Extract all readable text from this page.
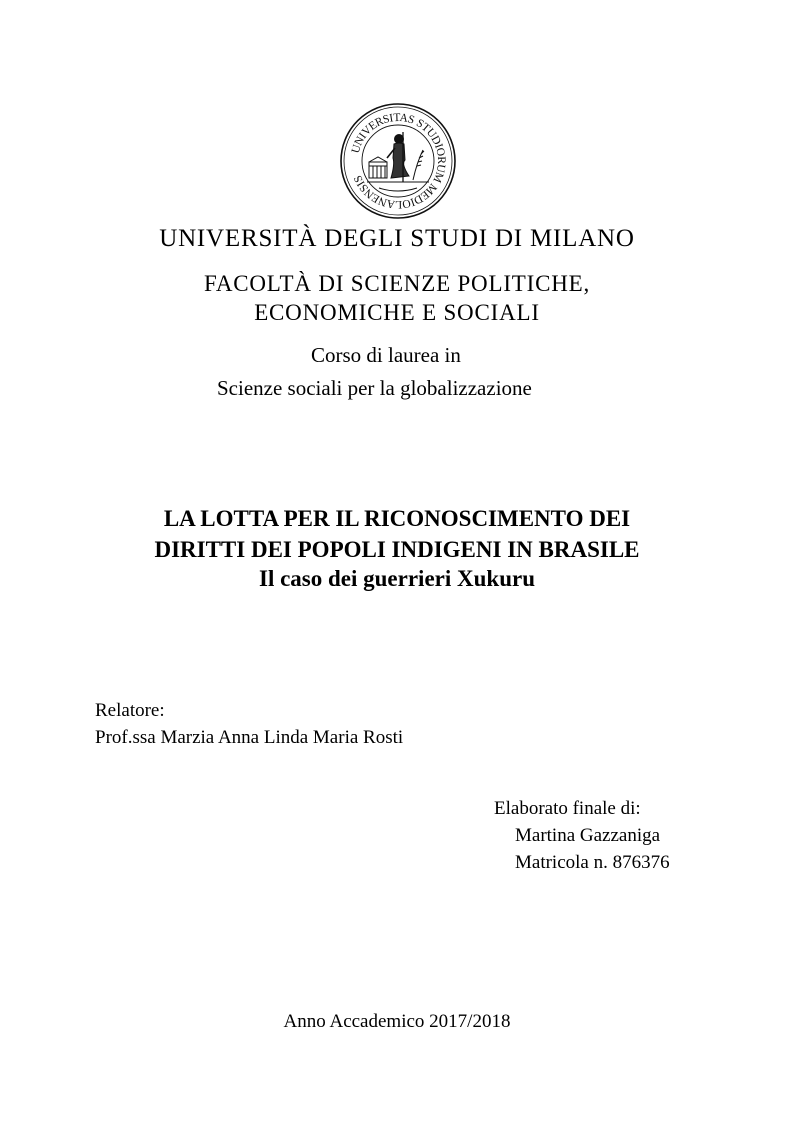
UNIVERSITAS STUDIORUM MEDIOLANENSIS
UNIVERSITÀ DEGLI STUDI DI MILANO
FACOLTÀ DI SCIENZE POLITICHE,
ECONOMICHE E SOCIALI
Corso di laurea in
Scienze sociali per la globalizzazione
LA LOTTA PER IL RICONOSCIMENTO DEI
DIRITTI DEI POPOLI INDIGENI IN BRASILE
Il caso dei guerrieri Xukuru
Relatore:
Prof.ssa Marzia Anna Linda Maria Rosti
Elaborato finale di:
Martina Gazzaniga
Matricola n. 876376
Anno Accademico 2017/2018
